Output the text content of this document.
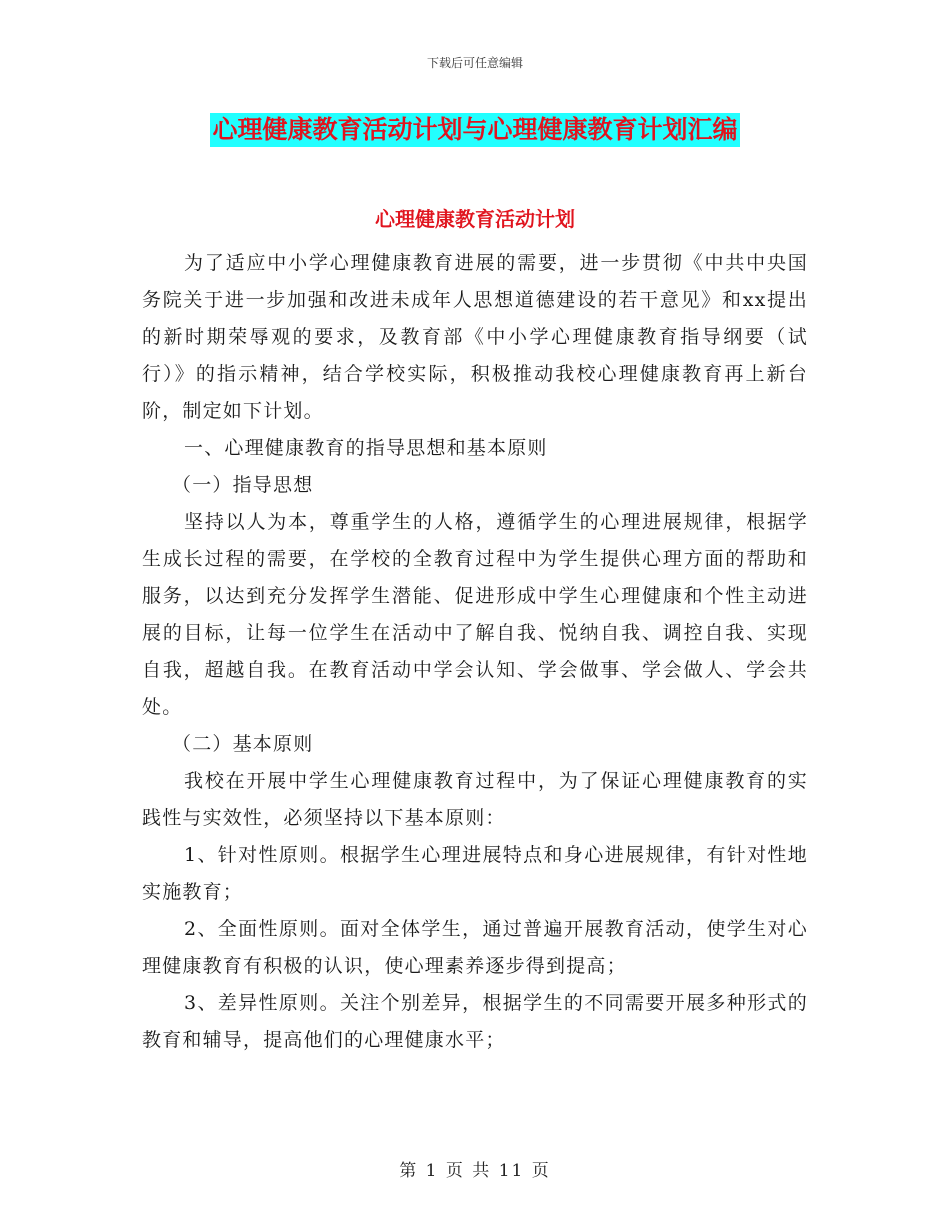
下载后可任意编辑
心理健康教育活动计划与心理健康教育计划汇编
心理健康教育活动计划

为了适应中小学心理健康教育进展的需要，进一步贯彻《中共中央国务院关于进一步加强和改进未成年人思想道德建设的若干意见》和xx提出的新时期荣辱观的要求，及教育部《中小学心理健康教育指导纲要（试行）》的指示精神，结合学校实际，积极推动我校心理健康教育再上新台阶，制定如下计划。

一、心理健康教育的指导思想和基本原则

（一）指导思想

坚持以人为本，尊重学生的人格，遵循学生的心理进展规律，根据学生成长过程的需要，在学校的全教育过程中为学生提供心理方面的帮助和服务，以达到充分发挥学生潜能、促进形成中学生心理健康和个性主动进展的目标，让每一位学生在活动中了解自我、悦纳自我、调控自我、实现自我，超越自我。在教育活动中学会认知、学会做事、学会做人、学会共处。

（二）基本原则

我校在开展中学生心理健康教育过程中，为了保证心理健康教育的实践性与实效性，必须坚持以下基本原则：

1、针对性原则。根据学生心理进展特点和身心进展规律，有针对性地实施教育；

2、全面性原则。面对全体学生，通过普遍开展教育活动，使学生对心理健康教育有积极的认识，使心理素养逐步得到提高；

3、差异性原则。关注个别差异，根据学生的不同需要开展多种形式的教育和辅导，提高他们的心理健康水平；

第 1 页 共 11 页
